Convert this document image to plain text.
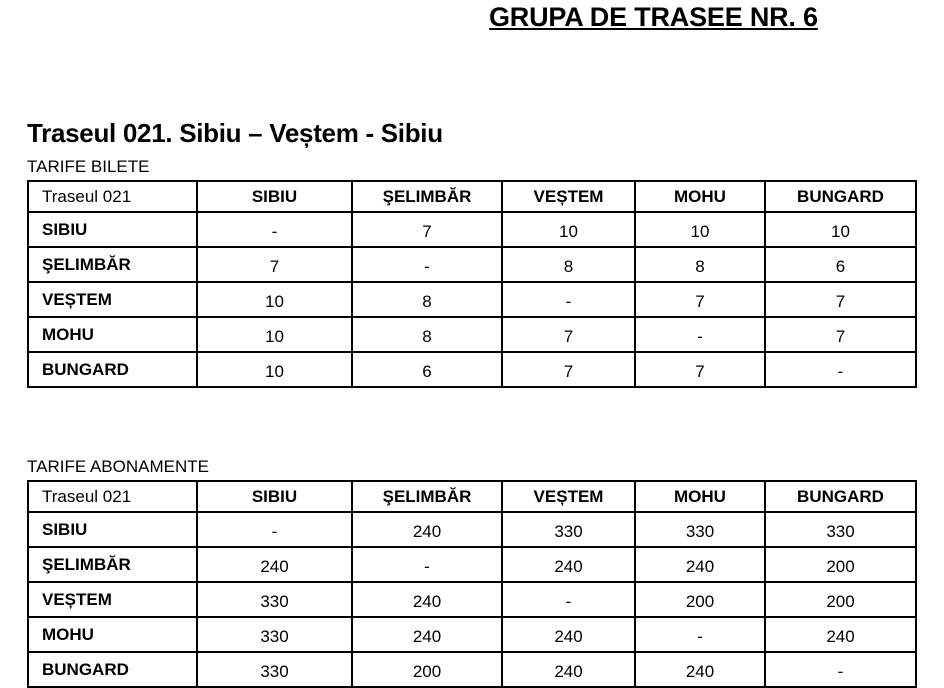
GRUPA DE TRASEE NR. 6
Traseul 021. Sibiu – Veștem - Sibiu
TARIFE BILETE
Traseul 021	SIBIU	ŞELIMBĂR	VEȘTEM	MOHU	BUNGARD
SIBIU	-	7	10	10	10
ŞELIMBĂR	7	-	8	8	6
VEȘTEM	10	8	-	7	7
MOHU	10	8	7	-	7
BUNGARD	10	6	7	7	-
TARIFE ABONAMENTE
Traseul 021	SIBIU	ŞELIMBĂR	VEȘTEM	MOHU	BUNGARD
SIBIU	-	240	330	330	330
ŞELIMBĂR	240	-	240	240	200
VEȘTEM	330	240	-	200	200
MOHU	330	240	240	-	240
BUNGARD	330	200	240	240	-
